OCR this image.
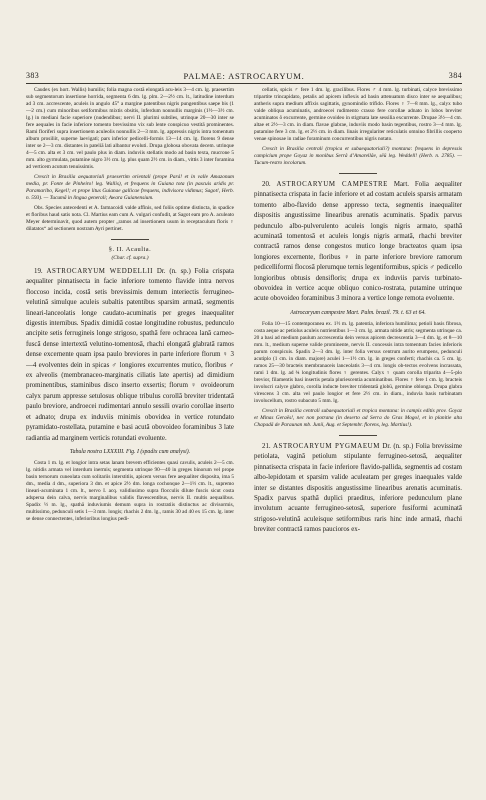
383	PALMAE: ASTROCARYUM.	384

Caudex (ex hort. Wallis) humilis; folia magna costā elongatā acu-leis 3—4 cm. lg. praesertim sub segmentorum insertione horrida, segmenta 6 dm. lg. plm. 2—2½ cm. lt., latitudine interdum ad 3 cm. accrescente, aculeis in angulo 45° a margine patentibus nigris pungentibus saepe bis (1—2 cm.) cum minoribus setiformibus mixtis obsitis, inferdum nonnullis marginis (1½—3½ cm. lg.) in mediani facie superiore (nudendibus; nervi II. plurimi subtiles, utrinque 20—30 inter se fere aequales in facie inferiore tomento brevissimo vix sub lente conspicuo vestitā prominentes. Rami floriferi supra insertionem aculeolis nonnullis 2—3 mm. lg. appressis nigris intra tomentum album prosiliit, superne laevigati; pars inferior pedicelli-formis 13—14 cm. lg. florens 9 dense inter se 2—3 cm. distantes in pateliā lati albantur evoluti. Drupa globosa obovata decem. utrinque 4—5 cm. alta et 3 cm. vel paulo plus in diam. induviis stellatis modo ad basin texta, mucrone 5 mm. alto gyrmulata, putamine nigro 3½ cm. lg. plus quam 2½ cm. in diam., vittis 3 inter foramina ad verticem acutum tenuissimis.

Crescit in Brasilia aequatoriali praesertim orientali (prope Pará! et in valle Amazonum media, pr. Fonte de Pinheiro! leg. Wallis), et frequens in Guiana tota (in pascuis aridis pr. Paramaribo, Kegel!; et prope litus Guianae gallicae frequens, indivisora vidimus; Sagot!, Herb. n. 593). — Tucumã in lingua generali; Awara Guianensium.

Obs. Species antecedenti et A. farmacoidi valde affinis, sed foliis optime distincta, in spadice et floribus haud satis nota. Cl. Martius eam cum A. vulgari confudit, at Sagot eam pro A. aculeato Meyer determinavit, quod autem propter „ramos ad insertionem usum in receptaculum floris ♀ dilatatos“ ad sectionem nostram Ayri pertinet.

§. II. Acaulia.
(Char. cf. supra.)

19. ASTROCARYUM WEDDELLII Dr. (n. sp.) Folia crispata aequaliter pinnatisecta in facie inferiore tomento flavide intra nervos floccoso incida, costā setis brevissimis demum interiectis ferrugineo-velutinā simulque aculeis subaltis patentibus sparsim armatā, segmentis lineari-lanceolatis longe caudato-acuminatis per greges inaequaliter digestis internibus. Spadix dimidiā costae longitudine robustus, pedunculo ancipite setis ferrugineis longe strigoso, spathā fere ochracea lanā carneo-fuscā dense intertextā velutino-tomentosā, rhachi elongatā glabratā ramos dense excernente quam ipsa paulo breviores in parte inferiore florum ♀ 3—4 evolventes dein in spicas ♂ longiores excurrentes mutico, floribus ♂ ex alveolis (membranaceo-marginatis ciliatis late apertis) ad dimidium prominentibus, staminibus disco inserto exsertis; florum ♀ ovoideorum calyx parum appresse setulosus oblique tribulus corollā breviter tridentatā paulo breviore, androecei rudimentari annulo sessili ovario corollae inserto et adnato; drupa ex induviis minimis obovidea in vertice rotundato pyramidato-rostellata, putamine e basi acutā obovoideo foraminibus 3 late radiantia ad marginem verticis rotundati evoluente.

Tabula nostra LXXXIII. Fig. I (spadix cum analysi).

Costa 1 m. lg. et longior intra setas lanam brevem efficientes quasi cavulis, aculeis 2—5 cm. lg. nitidis armata vel interdum inermis; segmenta utrinque 90—40 in greges binorum vel prope basin ternorum cuneolata cum solitariis interstitiis, apicem versus fere aequaliter disposita, ima 5 dm., media 4 dm., superiora 3 dm. et apice 2½ dm. longa cochonque 2—1½ cm. lt., supremo lineari-acuminata 1 cm. lt., nervo I. acq. validiusimo supra flocculis dilute fuscis sicut costa adspersa dein calva, nervis marginalibus validis flavescentibus, nervis II. multis aequalibus. Spadix ½ m. lg., spathā induviumis demum supra in rostratiis distinctus ac divisormis, multissimo, pedunculi setis 1—3 mm. longis; rhachis 2 dm. lg., ramis 30 ad 40 ex 15 cm. lg. inter se dense connectentes, inferioribus longius pedi-

cellatis, spicis ♂ fere 1 dm. lg. gracilibus. Flores ♂ 4 mm. lg. turbinati, calyce brevissimo tripartite trincapidato, petalis ad apicem inflexis ad basin attenuatum disco inter se aequalibus; antheris supra medium affixis sagittatis, gynomindio trifido. Flores ♀ 7—8 mm. lg., calyx tubo valde obliqua acuminatis, androecei rudimento crasso fere corollae adnato in lobos breviter acuminatos ô excurrente, germine ovoideo in stigmata late sessilia excurrente. Drupae 3½—4 cm. altae et 2½—3 cm. in diam. flavae glabrae, induviis modo basin tegentibus, rostro 3—4 mm. lg. putamine fere 3 cm. lg. et 2½ cm. in diam. linais irregulariter reticulatis omnino fibrillis cooperto venae spinosae in radiae foraminum concurrentibus nigris notato.

Crescit in Brasilia centrali (tropica et subaequatoriali?) montana: frequens in depressis campicium prope Goyaz in monibus Serrâ d’Amarellâe, sēū leg. Weddell! (Herb. n. 2785). — Tucum-restro incolarum.

20. ASTROCARYUM CAMPESTRE Mart. Folia aequaliter pinnatisecta crispata in facie inferiore et ad costam aculeis sparsis armatam tomento albo-flavido dense appresso tecta, segmentis inaequaliter dispositis angustissime linearibus arenatis acuminatis. Spadix parvus pedunculo albo-pulverulento aculeis longis nigris armato, spathā acuminatā tomentosā et aculeis longis nigris armatā, rhachi breviter contractā ramos dense congestos mutico longe bracteatos quam ipsa longiores excernente, floribus ♀ in parte inferiore breviore ramorum pedicelliformi flocosā plerumque ternis legentiformibus, spicis ♂ pedicello longioribus obtusis densifloris; drupa ex induviis parvis turbinato-obovoidea in vertice acque obliquo conico-rostrata, putamine utrinque acute obovoideo foraminibus 3 minora a vertice longe remota evoluente.

Astrocaryum campestre Mart. Palm. brazil. 79. t. 63 et 64.

Folia 10—15 contemporanea ex. 1½ m. lg. patentia, inferiora humilima; petioli basis fibrosa, costa aeque ac petiolus aculeis nutrientibus 1—3 cm. lg. armata nitide atris; segmenta utrinque ca. 20 a basi ad medium paulum accrescentia dein versus apicem decrescentia 3—4 dm. lg. et 8—10 mm. lt., medium superne valide prominente, nervis II. concessis intra tomentum facies inferioris parum conspicuis. Spadix 2—3 dm. lg. inter folia versus centrum aurito erumpens, pedunculi acutiplo (1 cm. in diam. majore) aculei 1—1½ cm. lg. in greges conferti; rhachis ca. 5 cm. lg. ramos 25—30 bracteis membranaceis lanceolatis 3—4 cm. longis ob-tectos evolvens incrassata, rami 1 dm. lg. ad ¾ longitudinis flores ♀ gerentes. Calyx ♀ quam corolla triparita 4—5-plo brevior, filamentis basi insertis petala pluriescentia acuminatibus. Flores ♀ fere 1 cm. lg. bracteis involucri calyce glabro, corolla inducte breviter tridentatā globū, germine oblonga. Drupa glabra virescens 3 cm. alta vel paulo longior et fere 2½ cm. in diam., induvia basis turbinatam involucellum, rostro subacuto 5 mm. lg.

Crescit in Brasilia centrali subaequatoriali et tropica montana: in campis editis prov. Goyaz et Minas Geraēs!, nec non potrana (in deserto ad Serra do Gras Mogol, et in planitie alta Chapadā de Paraunan mb. Junii, Aug. et Septembr. florens, leg. Martius!).

21. ASTROCARYUM PYGMAEUM Dr. (n. sp.) Folia brevissime petiolata, vaginā petiolum stipulante ferrugineo-setosā, aequaliter pinnatisecta crispata in facie inferiore flavido-pallida, segmentis ad costam albo-lepidotam et sparsim valide aculeatam per greges inaequales valde inter se distantes dispositis angustissime linearibus arenatis acuminatis. Spadix parvus spathā duplici praeditus, inferiore pedunculum plane involutum acuante ferrugineo-setosā, superiore fusiformi acuminatā strigoso-velutinā aculeisque setiformibus raris hinc inde armatā, rhachi breviter contractā ramos paucioros ex-
